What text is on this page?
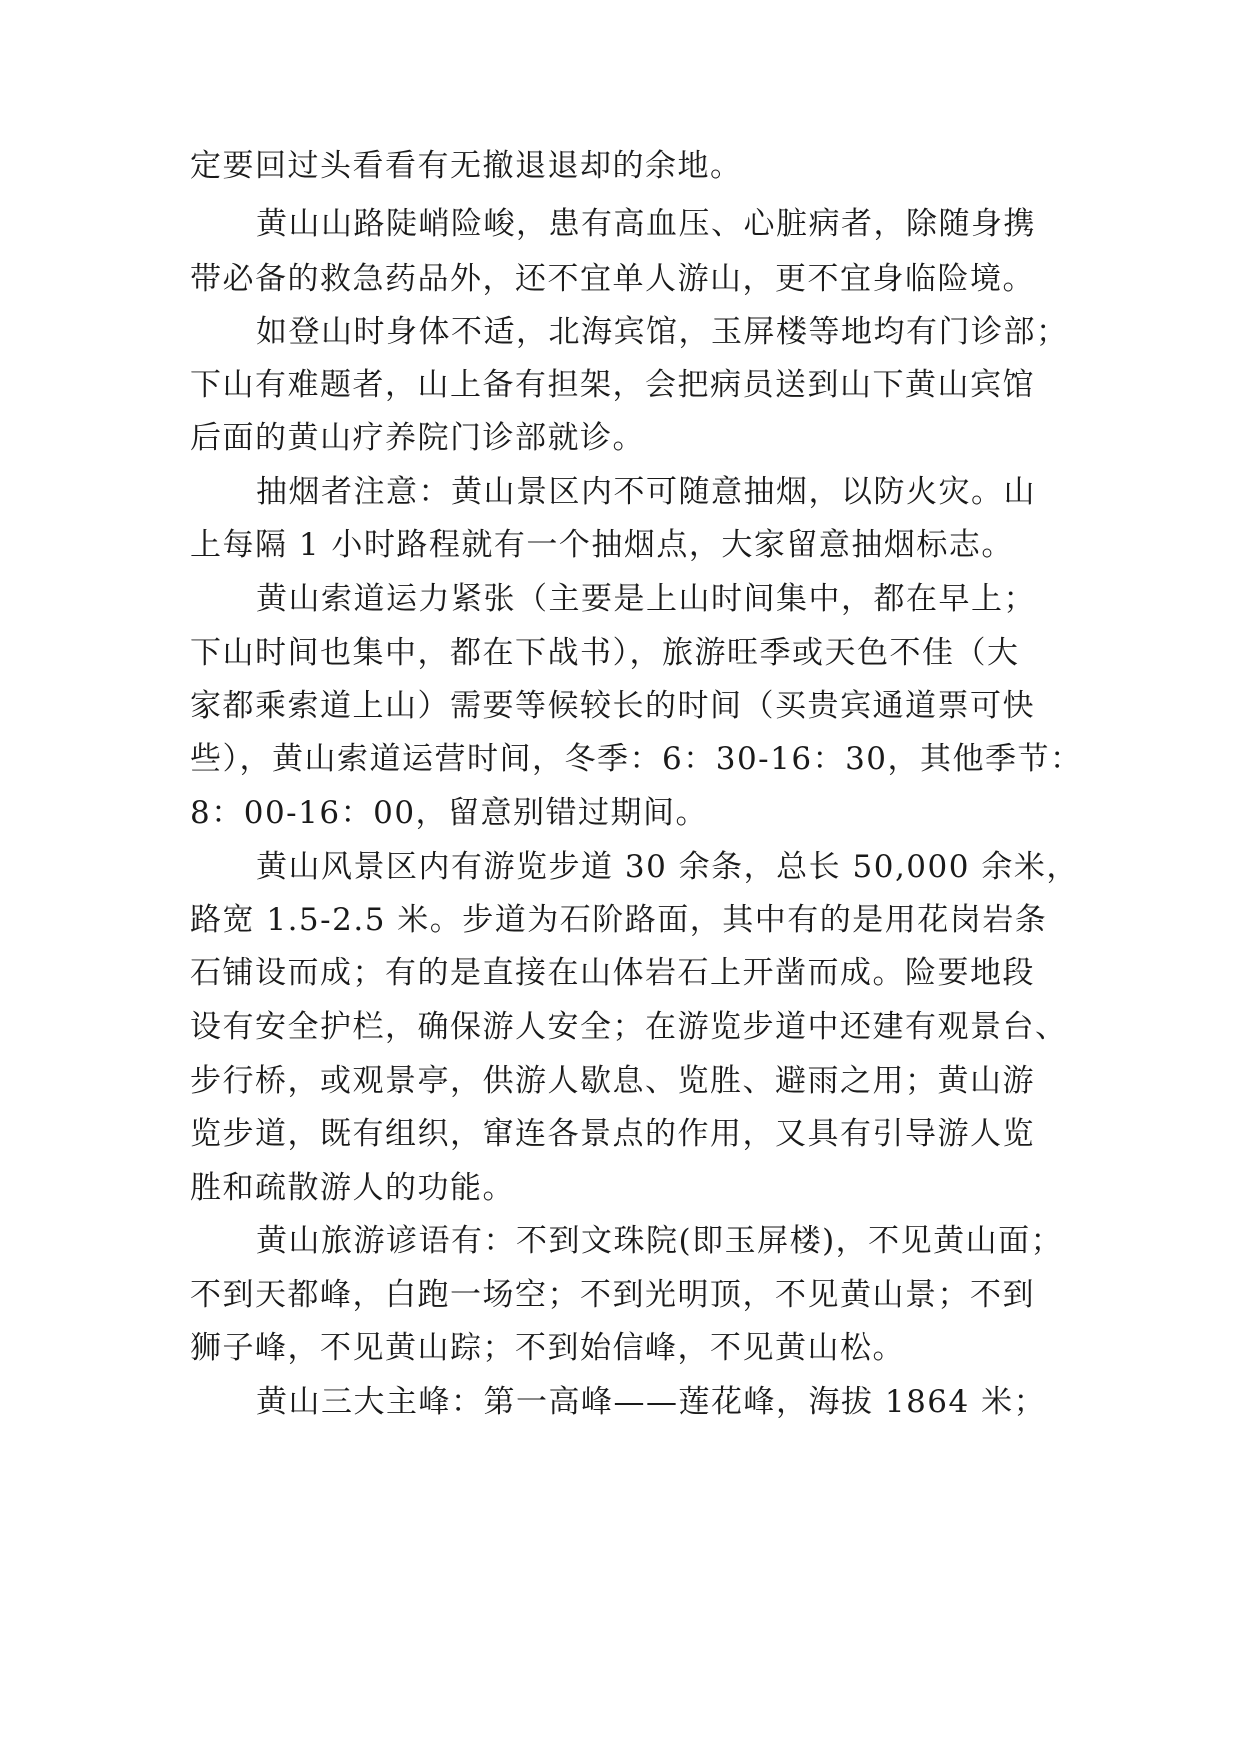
定要回过头看看有无撤退退却的余地。
黄山山路陡峭险峻，患有高血压、心脏病者，除随身携
带必备的救急药品外，还不宜单人游山，更不宜身临险境。
如登山时身体不适，北海宾馆，玉屏楼等地均有门诊部；
下山有难题者，山上备有担架，会把病员送到山下黄山宾馆
后面的黄山疗养院门诊部就诊。
抽烟者注意：黄山景区内不可随意抽烟，以防火灾。山
上每隔 1 小时路程就有一个抽烟点，大家留意抽烟标志。
黄山索道运力紧张（主要是上山时间集中，都在早上；
下山时间也集中，都在下战书），旅游旺季或天色不佳（大
家都乘索道上山）需要等候较长的时间（买贵宾通道票可快
些），黄山索道运营时间，冬季：6：30-16：30，其他季节：
8：00-16：00，留意别错过期间。
黄山风景区内有游览步道 30 余条，总长 50,000 余米，
路宽 1.5-2.5 米。步道为石阶路面，其中有的是用花岗岩条
石铺设而成；有的是直接在山体岩石上开凿而成。险要地段
设有安全护栏，确保游人安全；在游览步道中还建有观景台、
步行桥，或观景亭，供游人歇息、览胜、避雨之用；黄山游
览步道，既有组织，窜连各景点的作用，又具有引导游人览
胜和疏散游人的功能。
黄山旅游谚语有：不到文珠院(即玉屏楼)，不见黄山面；
不到天都峰，白跑一场空；不到光明顶，不见黄山景；不到
狮子峰，不见黄山踪；不到始信峰，不见黄山松。
黄山三大主峰：第一高峰——莲花峰，海拔 1864 米；
